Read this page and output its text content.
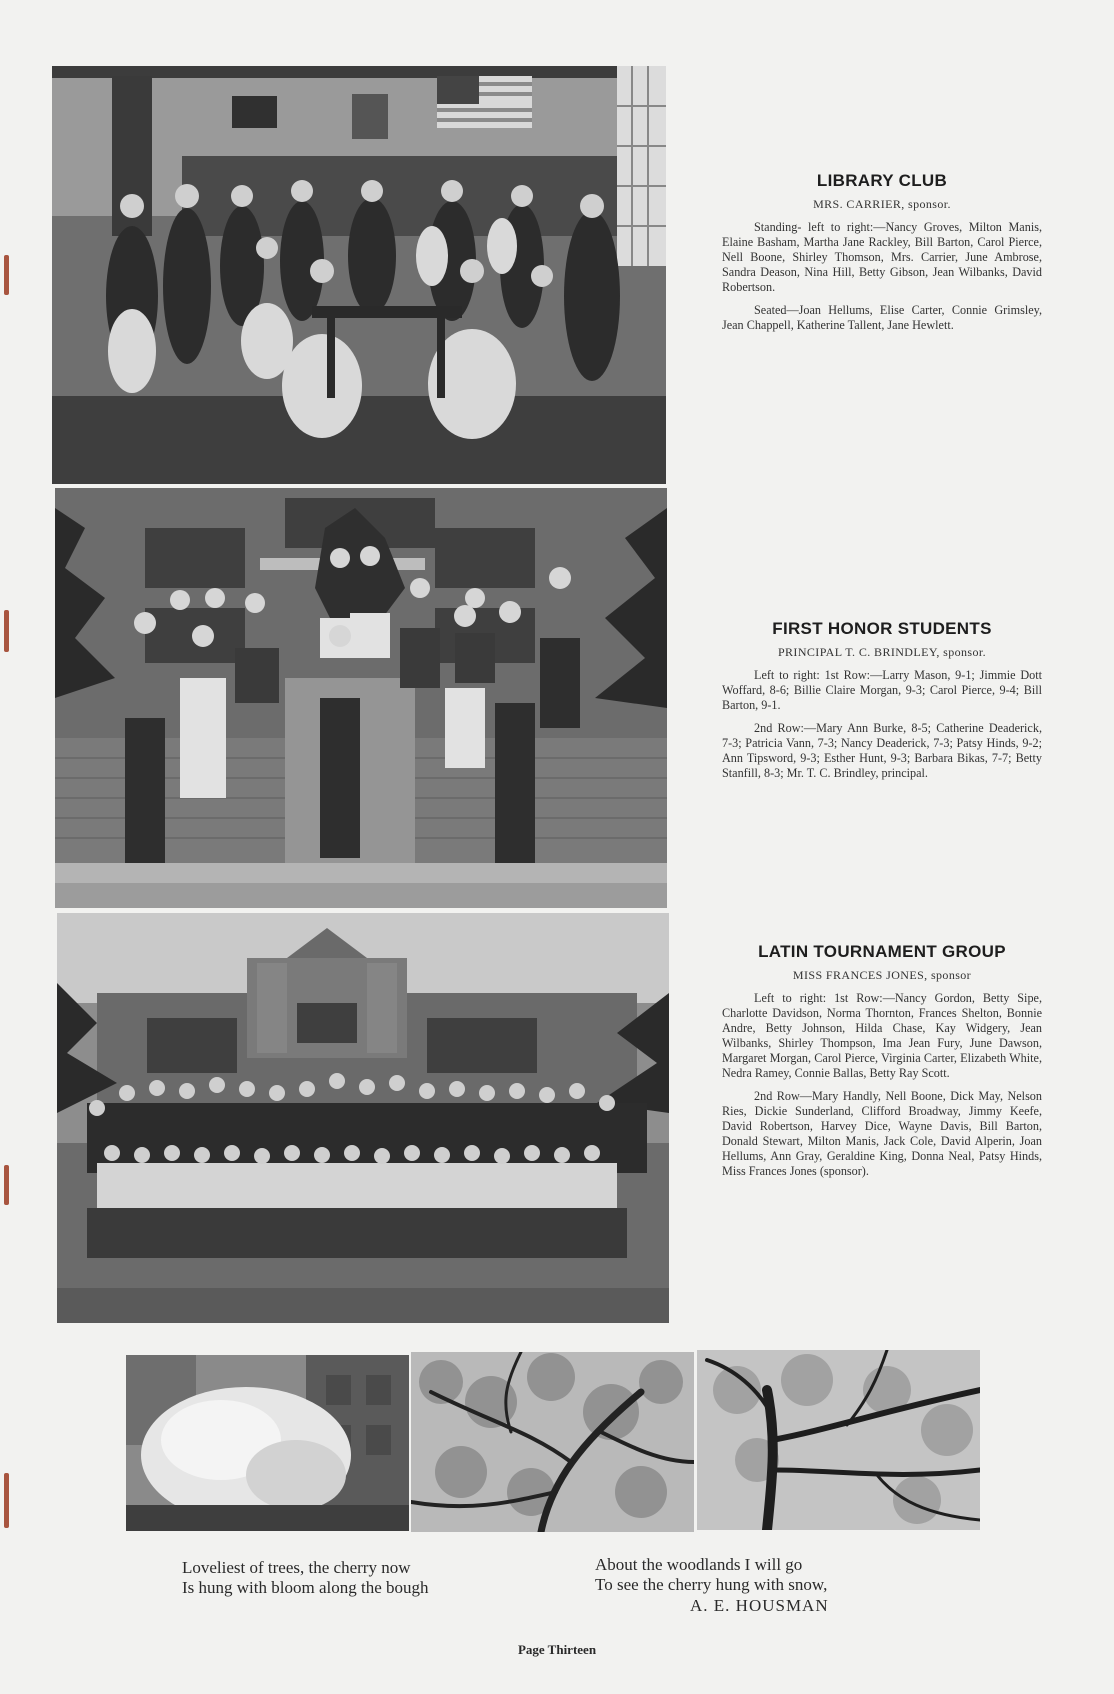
LIBRARY CLUB
MRS. CARRIER, sponsor.
Standing- left to right:—Nancy Groves, Milton Manis, Elaine Basham, Martha Jane Rackley, Bill Barton, Carol Pierce, Nell Boone, Shirley Thomson, Mrs. Carrier, June Ambrose, Sandra Deason, Nina Hill, Betty Gibson, Jean Wilbanks, David Robertson.
Seated—Joan Hellums, Elise Carter, Connie Grimsley, Jean Chappell, Katherine Tallent, Jane Hewlett.
FIRST HONOR STUDENTS
PRINCIPAL T. C. BRINDLEY, sponsor.
Left to right: 1st Row:—Larry Mason, 9-1; Jimmie Dott Woffard, 8-6; Billie Claire Morgan, 9-3; Carol Pierce, 9-4; Bill Barton, 9-1.
2nd Row:—Mary Ann Burke, 8-5; Catherine Deaderick, 7-3; Patricia Vann, 7-3; Nancy Deaderick, 7-3; Patsy Hinds, 9-2; Ann Tipsword, 9-3; Esther Hunt, 9-3; Barbara Bikas, 7-7; Betty Stanfill, 8-3; Mr. T. C. Brindley, principal.
LATIN TOURNAMENT GROUP
MISS FRANCES JONES, sponsor
Left to right: 1st Row:—Nancy Gordon, Betty Sipe, Charlotte Davidson, Norma Thornton, Frances Shelton, Bonnie Andre, Betty Johnson, Hilda Chase, Kay Widgery, Jean Wilbanks, Shirley Thompson, Ima Jean Fury, June Dawson, Margaret Morgan, Carol Pierce, Virginia Carter, Elizabeth White, Nedra Ramey, Connie Ballas, Betty Ray Scott.
2nd Row—Mary Handly, Nell Boone, Dick May, Nelson Ries, Dickie Sunderland, Clifford Broadway, Jimmy Keefe, David Robertson, Harvey Dice, Wayne Davis, Bill Barton, Donald Stewart, Milton Manis, Jack Cole, David Alperin, Joan Hellums, Ann Gray, Geraldine King, Donna Neal, Patsy Hinds, Miss Frances Jones (sponsor).
Loveliest of trees, the cherry now
Is hung with bloom along the bough
About the woodlands I will go
To see the cherry hung with snow,
A. E. HOUSMAN
Page Thirteen
